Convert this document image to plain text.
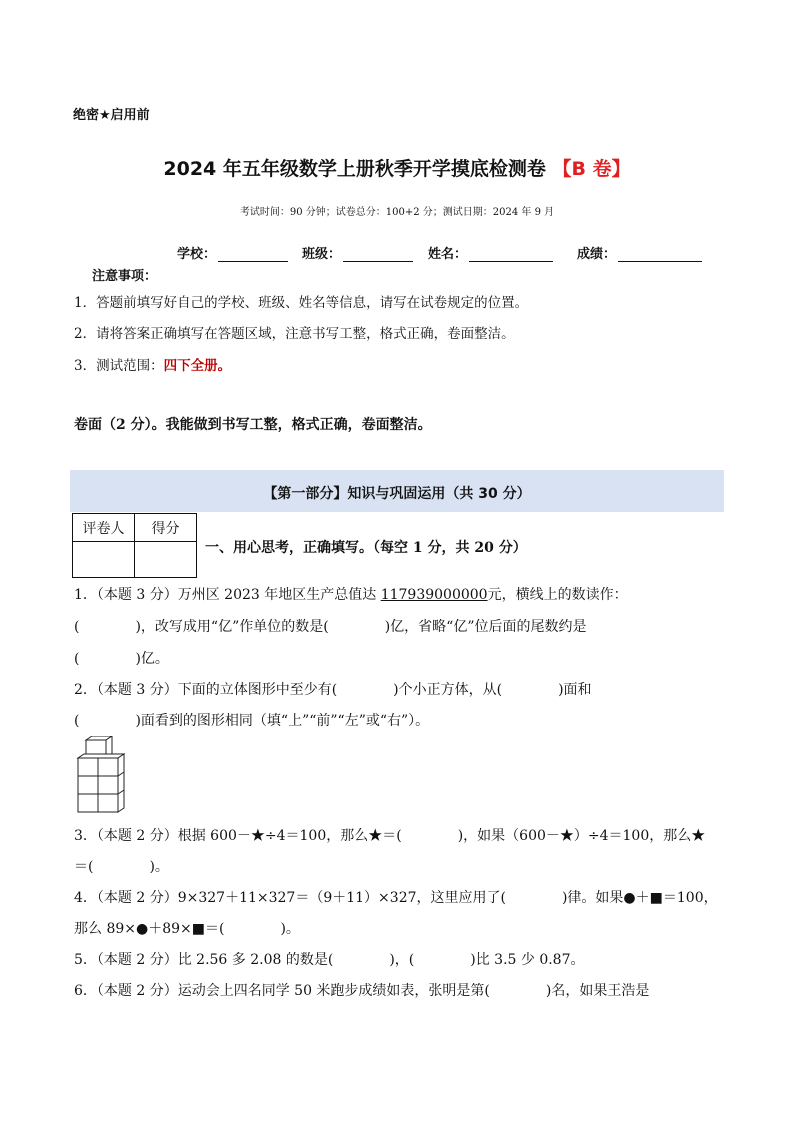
绝密★启用前
2024 年五年级数学上册秋季开学摸底检测卷 【B 卷】
考试时间：90 分钟；试卷总分：100+2 分；测试日期：2024 年 9 月
学校：	班级：	姓名：	成绩：
注意事项：
1．答题前填写好自己的学校、班级、姓名等信息，请写在试卷规定的位置。
2．请将答案正确填写在答题区域，注意书写工整，格式正确，卷面整洁。
3．测试范围：四下全册。
卷面（2 分）。我能做到书写工整，格式正确，卷面整洁。
【第一部分】知识与巩固运用（共 30 分）
评卷人	得分

一、用心思考，正确填写。（每空 1 分，共 20 分）
1．（本题 3 分）万州区 2023 年地区生产总值达 117939000000元，横线上的数读作：
(　　　　)，改写成用“亿”作单位的数是(　　　　)亿，省略“亿”位后面的尾数约是
(　　　　)亿。
2．（本题 3 分）下面的立体图形中至少有(　　　　)个小正方体，从(　　　　)面和
(　　　　)面看到的图形相同（填“上”“前”“左”或“右”）。
3．（本题 2 分）根据 600－★÷4＝100，那么★＝(　　　　)，如果（600－★）÷4＝100，那么★
＝(　　　　)。
4．（本题 2 分）9×327＋11×327＝（9＋11）×327，这里应用了(　　　　)律。如果●＋■＝100，
那么 89×●＋89×■＝(　　　　)。
5．（本题 2 分）比 2.56 多 2.08 的数是(　　　　)，(　　　　)比 3.5 少 0.87。
6．（本题 2 分）运动会上四名同学 50 米跑步成绩如表，张明是第(　　　　)名，如果王浩是
